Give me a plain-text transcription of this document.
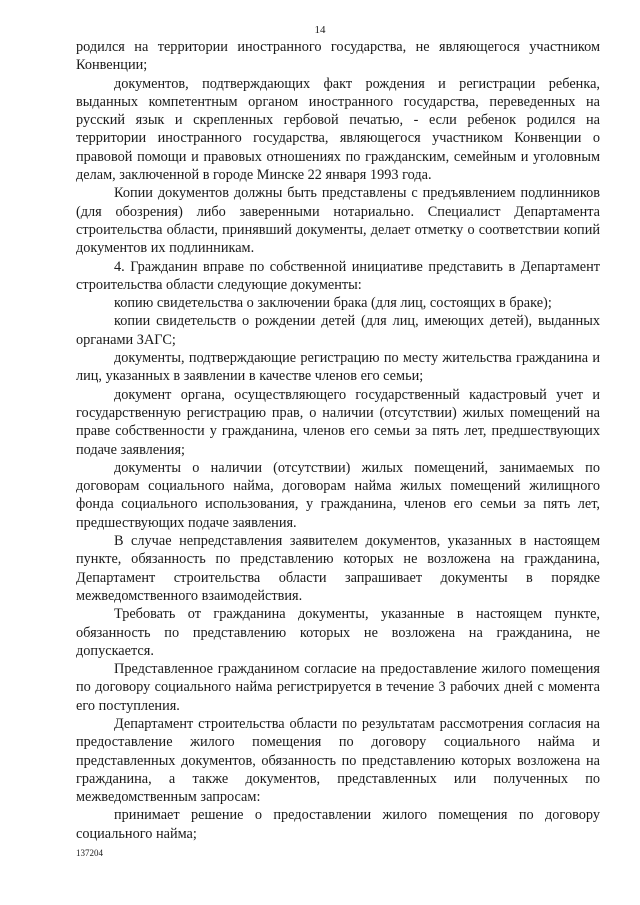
14

родился на территории иностранного государства, не являющегося участником Конвенции;

документов, подтверждающих факт рождения и регистрации ребенка, выданных компетентным органом иностранного государства, переведенных на русский язык и скрепленных гербовой печатью, - если ребенок родился на территории иностранного государства, являющегося участником Конвенции о правовой помощи и правовых отношениях по гражданским, семейным и уголовным делам, заключенной в городе Минске 22 января 1993 года.

Копии документов должны быть представлены с предъявлением подлинников (для обозрения) либо заверенными нотариально. Специалист Департамента строительства области, принявший документы, делает отметку о соответствии копий документов их подлинникам.

4. Гражданин вправе по собственной инициативе представить в Департамент строительства области следующие документы:

копию свидетельства о заключении брака (для лиц, состоящих в браке);

копии свидетельств о рождении детей (для лиц, имеющих детей), выданных органами ЗАГС;

документы, подтверждающие регистрацию по месту жительства гражданина и лиц, указанных в заявлении в качестве членов его семьи;

документ органа, осуществляющего государственный кадастровый учет и государственную регистрацию прав, о наличии (отсутствии) жилых помещений на праве собственности у гражданина, членов его семьи за пять лет, предшествующих подаче заявления;

документы о наличии (отсутствии) жилых помещений, занимаемых по договорам социального найма, договорам найма жилых помещений жилищного фонда социального использования, у гражданина, членов его семьи за пять лет, предшествующих подаче заявления.

В случае непредставления заявителем документов, указанных в настоящем пункте, обязанность по представлению которых не возложена на гражданина, Департамент строительства области запрашивает документы в порядке межведомственного взаимодействия.

Требовать от гражданина документы, указанные в настоящем пункте, обязанность по представлению которых не возложена на гражданина, не допускается.

Представленное гражданином согласие на предоставление жилого помещения по договору социального найма регистрируется в течение 3 рабочих дней с момента его поступления.

Департамент строительства области по результатам рассмотрения согласия на предоставление жилого помещения по договору социального найма и представленных документов, обязанность по представлению которых возложена на гражданина, а также документов, представленных или полученных по межведомственным запросам:

принимает решение о предоставлении жилого помещения по договору социального найма;

137204
